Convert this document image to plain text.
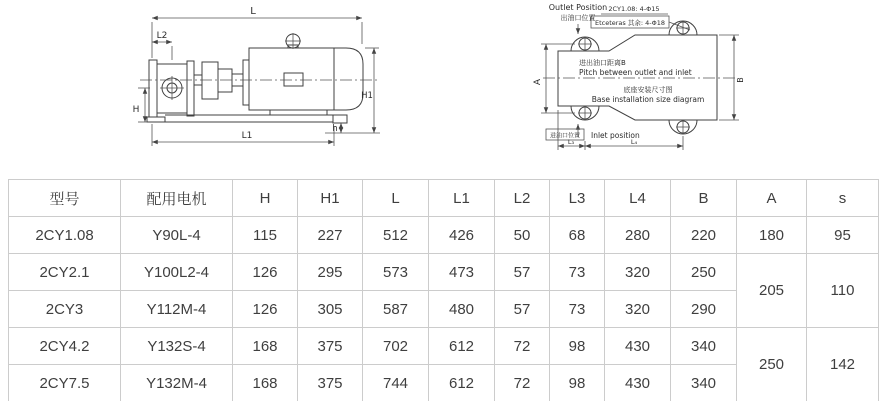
L
L2
h
H
H1
L1
Outlet Position
出油口位置
2CY1.08: 4-Φ15
Etceteras 其余: 4-Φ18
进出油口距离B
Pitch between outlet and inlet
底座安装尺寸图
Base installation size diagram
A	B
进油口位置 Inlet position
L₃	L₄
型号	配用电机	H	H1	L	L1	L2	L3	L4	B	A	s
2CY1.08	Y90L-4	115	227	512	426	50	68	280	220	180	95
2CY2.1	Y100L2-4	126	295	573	473	57	73	320	250	205	110
2CY3	Y112M-4	126	305	587	480	57	73	320	290		
2CY4.2	Y132S-4	168	375	702	612	72	98	430	340	250	142
2CY7.5	Y132M-4	168	375	744	612	72	98	430	340		
